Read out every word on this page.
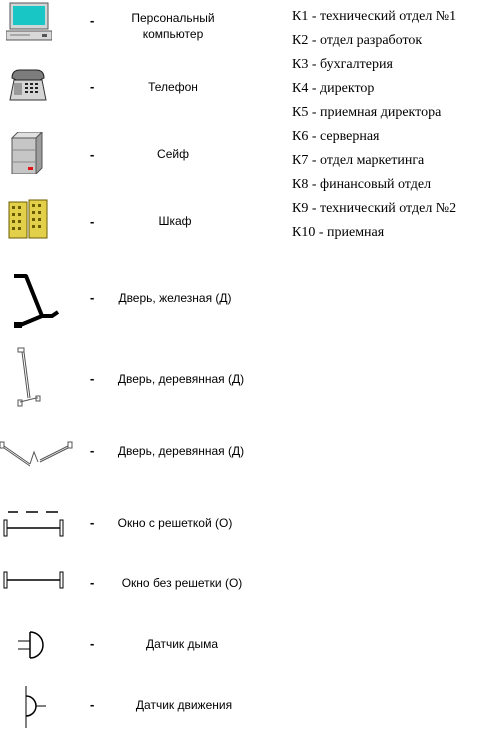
-	Персональный компьютер
-	Телефон
-	Сейф
-	Шкаф
-	Дверь, железная (Д)
-	Дверь, деревянная (Д)
-	Дверь, деревянная (Д)
-	Окно с решеткой (О)
-	Окно без решетки (О)
-	Датчик дыма
-	Датчик движения
К1 - технический отдел №1
К2 - отдел разработок
К3 - бухгалтерия
К4 - директор
К5 - приемная директора
К6 - серверная
К7 - отдел маркетинга
К8 - финансовый отдел
К9 - технический отдел №2
К10 - приемная
